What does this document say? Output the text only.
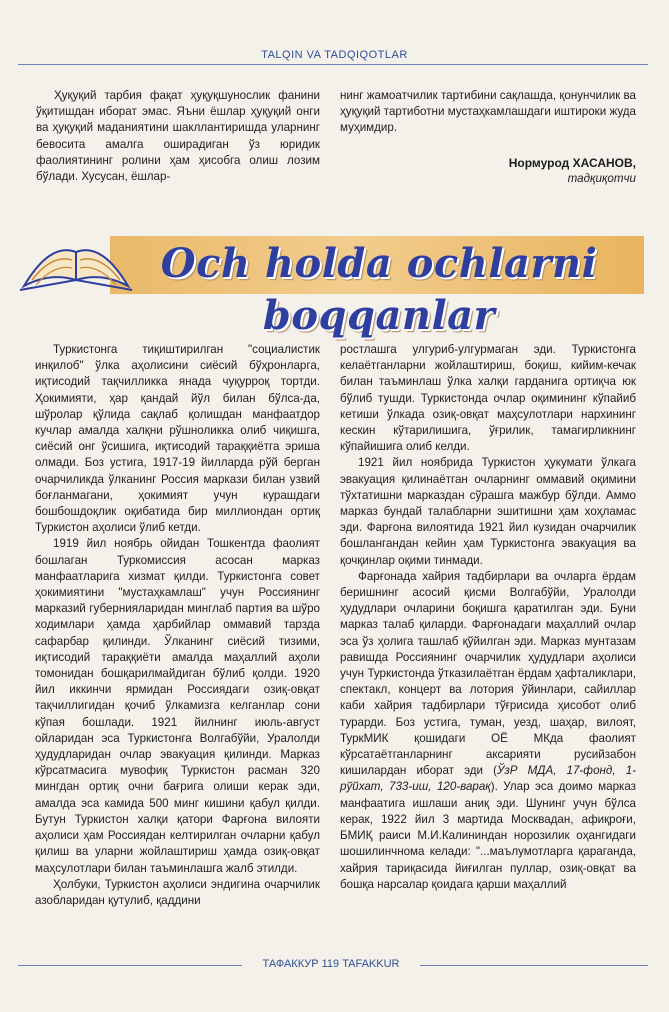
TALQIN VA TADQIQOTLAR

Ҳуқуқий тарбия фақат ҳуқуқшунослик фанини ўқитишдан иборат эмас. Яъни ёшлар ҳуқуқий онги ва ҳуқуқий маданиятини шакллантиришда уларнинг бевосита амалга оширадиган ўз юридик фаолиятининг ролини ҳам ҳисобга олиш лозим бўлади. Хусусан, ёшлар-

нинг жамоатчилик тартибини сақлашда, қонунчилик ва ҳуқуқий тартиботни мустаҳкамлашдаги иштироки жуда муҳимдир.

Нормурод ХАСАНОВ,
тадқиқотчи
Och holda ochlarni boqqanlar

Туркистонга тиқиштирилган "социалистик инқилоб" ўлка аҳолисини сиёсий бўҳронларга, иқтисодий тақчилликка янада чуқурроқ тортди. Ҳокимияти, ҳар қандай йўл билан бўлса-да, шўролар қўлида сақлаб қолишдан манфаатдор кучлар амалда халқни рўшноликка олиб чиқишга, сиёсий онг ўсишига, иқтисодий тараққиётга эриша олмади. Боз устига, 1917-19 йилларда рўй берган очарчиликда ўлканинг Россия маркази билан узвий боғланмагани, ҳокимият учун курашдаги бошбошдоқлик оқибатида бир миллиондан ортиқ Туркистон аҳолиси ўлиб кетди.

1919 йил ноябрь ойидан Тошкентда фаолият бошлаган Туркомиссия асосан марказ манфаатларига хизмат қилди. Туркистонга совет ҳокимиятини "мустаҳкамлаш" учун Россиянинг марказий губернияларидан минглаб партия ва шўро ходимлари ҳамда ҳарбийлар оммавий тарзда сафарбар қилинди. Ўлканинг сиёсий тизими, иқтисодий тараққиёти амалда маҳаллий аҳоли томонидан бошқарилмайдиган бўлиб қолди. 1920 йил иккинчи ярмидан Россиядаги озиқ-овқат тақчиллигидан қочиб ўлкамизга келганлар сони кўпая бошлади. 1921 йилнинг июль-август ойларидан эса Туркистонга Волгабўйи, Уралолди ҳудудларидан очлар эвакуация қилинди. Марказ кўрсатмасига мувофиқ Туркистон расман 320 мингдан ортиқ очни бағрига олиши керак эди, амалда эса камида 500 минг кишини қабул қилди. Бутун Туркистон халқи қатори Фарғона вилояти аҳолиси ҳам Россиядан келтирилган очларни қабул қилиш ва уларни жойлаштириш ҳамда озиқ-овқат маҳсулотлари билан таъминлашга жалб этилди.

Ҳолбуки, Туркистон аҳолиси эндигина очарчилик азобларидан қутулиб, қаддини

ростлашга улгуриб-улгурмаган эди. Туркистонга келаётганларни жойлаштириш, боқиш, кийим-кечак билан таъминлаш ўлка халқи гарданига ортиқча юк бўлиб тушди. Туркистонда очлар оқимининг кўпайиб кетиши ўлкада озиқ-овқат маҳсулотлари нархининг кескин кўтарилишига, ўғрилик, тамагирликнинг кўпайишига олиб келди.

1921 йил ноябрида Туркистон ҳукумати ўлкага эвакуация қилинаётган очларнинг оммавий оқимини тўхтатишни марказдан сўрашга мажбур бўлди. Аммо марказ бундай талабларни эшитишни ҳам хоҳламас эди. Фарғона вилоятида 1921 йил кузидан очарчилик бошлангандан кейин ҳам Туркистонга эвакуация ва қочқинлар оқими тинмади.

Фарғонада хайрия тадбирлари ва очларга ёрдам беришнинг асосий қисми Волгабўйи, Уралолди ҳудудлари очларини боқишга қаратилган эди. Буни марказ талаб қиларди. Фарғонадаги маҳаллий очлар эса ўз ҳолига ташлаб қўйилган эди. Марказ мунтазам равишда Россиянинг очарчилик ҳудудлари аҳолиси учун Туркистонда ўтказилаётган ёрдам ҳафталиклари, спектакл, концерт ва лотория ўйинлари, сайиллар каби хайрия тадбирлари тўғрисида ҳисобот олиб турарди. Боз устига, туман, уезд, шаҳар, вилоят, ТуркМИК қошидаги ОЁ МКда фаолият кўрсатаётганларнинг аксарияти русийзабон кишилардан иборат эди (ЎзР МДА, 17-фонд, 1-рўйхат, 733-иш, 120-варақ). Улар эса доимо марказ манфаатига ишлаши аниқ эди. Шунинг учун бўлса керак, 1922 йил 3 мартида Москвадан, афиқроғи, БМИҚ раиси М.И.Калининдан норозилик оҳангидаги шошилинчнома келади: "...маълумотларга қараганда, хайрия тариқасида йиғилган пуллар, озиқ-овқат ва бошқа нарсалар қоидага қарши маҳаллий

ТАФАККУР 119 TAFAKKUR
